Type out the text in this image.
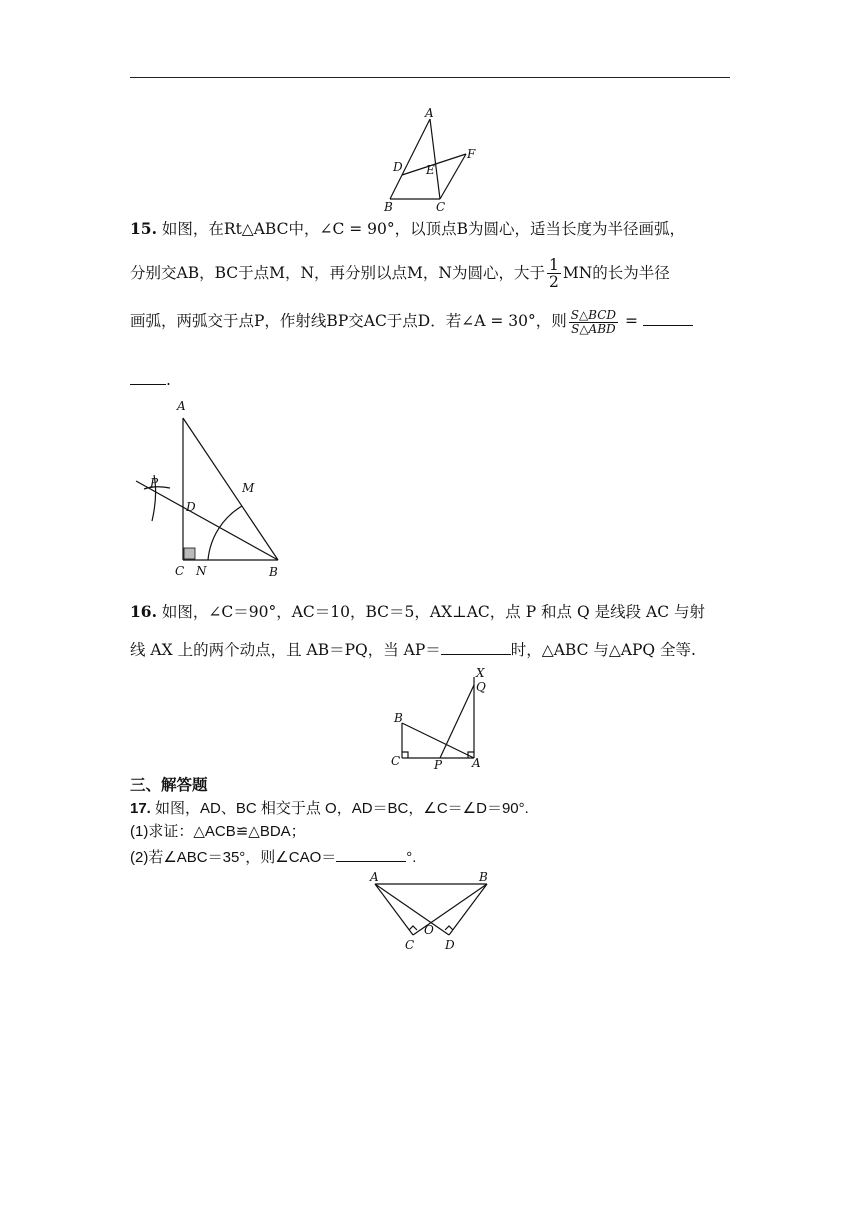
A
D
F
E
B	C
15. 如图，在Rt△ABC中，∠C = 90°，以顶点B为圆心，适当长度为半径画弧，
分别交AB，BC于点M，N，再分别以点M，N为圆心，大于 $\frac{1}{2}$ MN的长为半径
画弧，两弧交于点P，作射线BP交AC于点D．若∠A = 30°，则 $\frac{\text{S△BCD}}{\text{S△ABD}}$ =
.
A
P	M
D
C N	B
16. 如图，∠C＝90°，AC＝10，BC＝5，AX⊥AC，点 P 和点 Q 是线段 AC 与射
线 AX 上的两个动点，且 AB＝PQ，当 AP＝	时，△ABC 与△APQ 全等.
X
Q
B
C	P A
三、解答题
17. 如图，AD、BC 相交于点 O，AD＝BC，∠C＝∠D＝90°.
(1)求证：△ACB≌△BDA；
(2)若∠ABC＝35°，则∠CAO＝	°.
A	B
C
O
D
